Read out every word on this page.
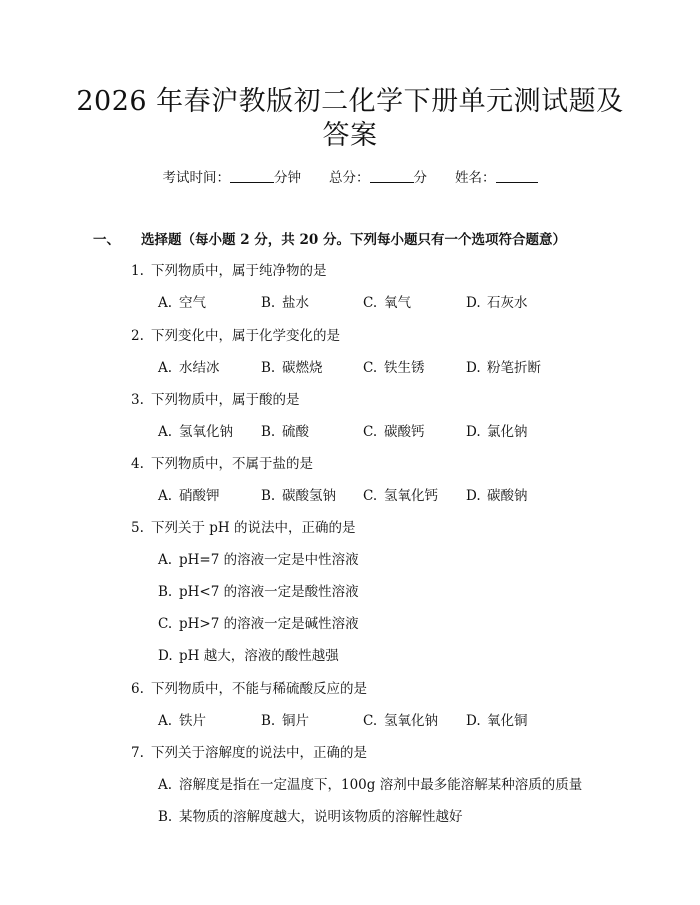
2026 年春沪教版初二化学下册单元测试题及
答案
考试时间：	分钟 总分：	分 姓名：
一、 选择题（每小题 2 分，共 20 分。下列每小题只有一个选项符合题意）
1. 下列物质中，属于纯净物的是
A. 空气	B. 盐水	C. 氧气	D. 石灰水
2. 下列变化中，属于化学变化的是
A. 水结冰	B. 碳燃烧	C. 铁生锈	D. 粉笔折断
3. 下列物质中，属于酸的是
A. 氢氧化钠 B. 硫酸	C. 碳酸钙	D. 氯化钠
4. 下列物质中，不属于盐的是
A. 硝酸钾	B. 碳酸氢钠 C. 氢氧化钙 D. 碳酸钠
5. 下列关于 pH 的说法中，正确的是
A. pH=7 的溶液一定是中性溶液
B. pH<7 的溶液一定是酸性溶液
C. pH>7 的溶液一定是碱性溶液
D. pH 越大，溶液的酸性越强
6. 下列物质中，不能与稀硫酸反应的是
A. 铁片	B. 铜片	C. 氢氧化钠 D. 氧化铜
7. 下列关于溶解度的说法中，正确的是
A. 溶解度是指在一定温度下，100g 溶剂中最多能溶解某种溶质的质量
B. 某物质的溶解度越大，说明该物质的溶解性越好
